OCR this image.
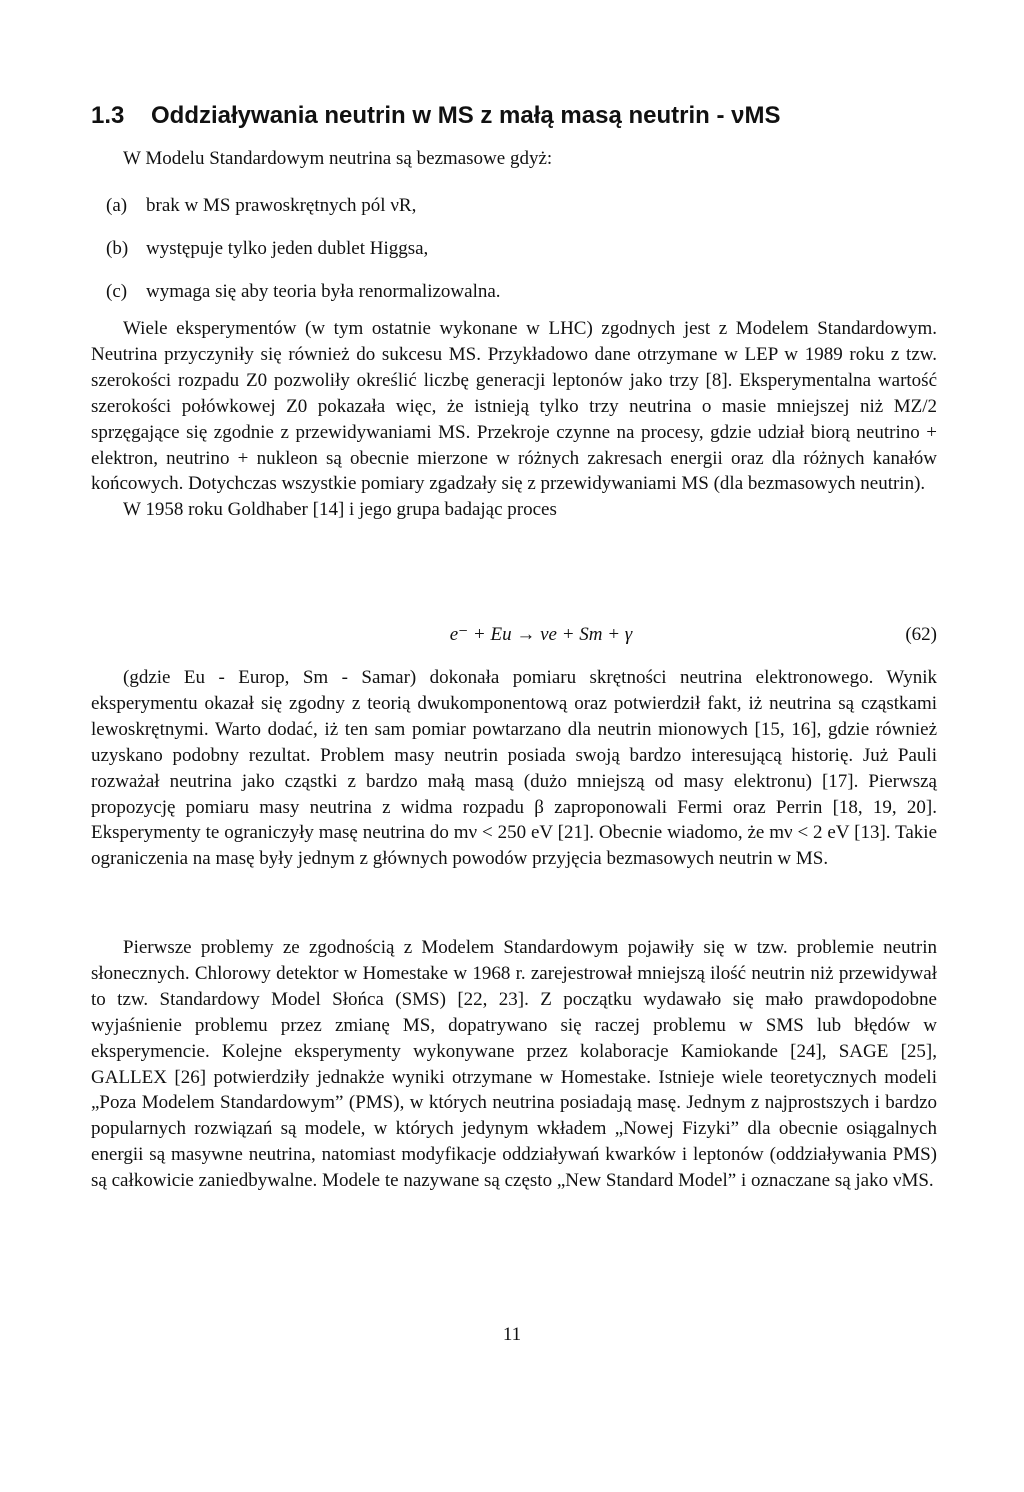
1.3 Oddziaływania neutrin w MS z małą masą neutrin - νMS
W Modelu Standardowym neutrina są bezmasowe gdyż:
(a) brak w MS prawoskrętnych pól νR,
(b) występuje tylko jeden dublet Higgsa,
(c) wymaga się aby teoria była renormalizowalna.

Wiele eksperymentów (w tym ostatnie wykonane w LHC) zgodnych jest z Modelem Standardowym. Neutrina przyczyniły się również do sukcesu MS. Przykładowo dane otrzymane w LEP w 1989 roku z tzw. szerokości rozpadu Z0 pozwoliły określić liczbę generacji leptonów jako trzy [8]. Eksperymentalna wartość szerokości połówkowej Z0 pokazała więc, że istnieją tylko trzy neutrina o masie mniejszej niż MZ/2 sprzęgające się zgodnie z przewidywaniami MS. Przekroje czynne na procesy, gdzie udział biorą neutrino + elektron, neutrino + nukleon są obecnie mierzone w różnych zakresach energii oraz dla różnych kanałów końcowych. Dotychczas wszystkie pomiary zgadzały się z przewidywaniami MS (dla bezmasowych neutrin).

W 1958 roku Goldhaber [14] i jego grupa badając proces

e⁻ + Eu → νe + Sm + γ	(62)

(gdzie Eu - Europ, Sm - Samar) dokonała pomiaru skrętności neutrina elektronowego. Wynik eksperymentu okazał się zgodny z teorią dwukomponentową oraz potwierdził fakt, iż neutrina są cząstkami lewoskrętnymi. Warto dodać, iż ten sam pomiar powtarzano dla neutrin mionowych [15, 16], gdzie również uzyskano podobny rezultat. Problem masy neutrin posiada swoją bardzo interesującą historię. Już Pauli rozważał neutrina jako cząstki z bardzo małą masą (dużo mniejszą od masy elektronu) [17]. Pierwszą propozycję pomiaru masy neutrina z widma rozpadu β zaproponowali Fermi oraz Perrin [18, 19, 20]. Eksperymenty te ograniczyły masę neutrina do mν < 250 eV [21]. Obecnie wiadomo, że mν < 2 eV [13]. Takie ograniczenia na masę były jednym z głównych powodów przyjęcia bezmasowych neutrin w MS.

Pierwsze problemy ze zgodnością z Modelem Standardowym pojawiły się w tzw. problemie neutrin słonecznych. Chlorowy detektor w Homestake w 1968 r. zarejestrował mniejszą ilość neutrin niż przewidywał to tzw. Standardowy Model Słońca (SMS) [22, 23]. Z początku wydawało się mało prawdopodobne wyjaśnienie problemu przez zmianę MS, dopatrywano się raczej problemu w SMS lub błędów w eksperymencie. Kolejne eksperymenty wykonywane przez kolaboracje Kamiokande [24], SAGE [25], GALLEX [26] potwierdziły jednakże wyniki otrzymane w Homestake. Istnieje wiele teoretycznych modeli „Poza Modelem Standardowym” (PMS), w których neutrina posiadają masę. Jednym z najprostszych i bardzo popularnych rozwiązań są modele, w których jedynym wkładem „Nowej Fizyki” dla obecnie osiągalnych energii są masywne neutrina, natomiast modyfikacje oddziaływań kwarków i leptonów (oddziaływania PMS) są całkowicie zaniedbywalne. Modele te nazywane są często „New Standard Model” i oznaczane są jako νMS.

11
